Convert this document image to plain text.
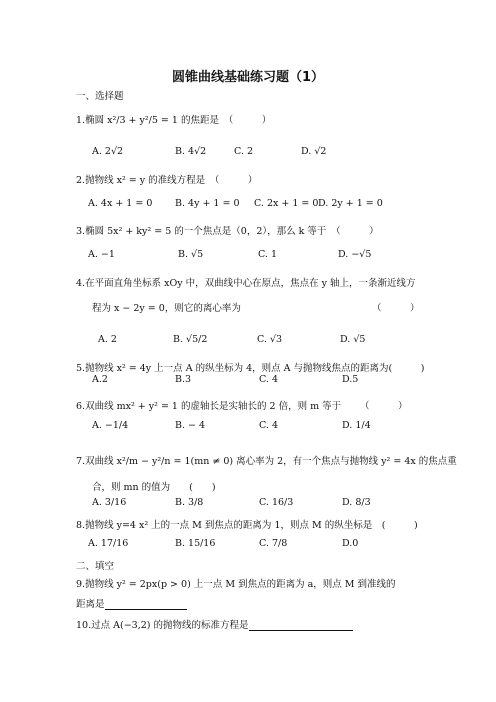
圆锥曲线基础练习题（1）
一、选择题
1.椭圆 x²/3 + y²/5 = 1 的焦距是　（　　　）
A. 2√2	B. 4√2	C. 2	D. √2
2.抛物线 x² = y 的准线方程是　（　　　）
A. 4x + 1 = 0 B. 4y + 1 = 0 C. 2x + 1 = 0 D. 2y + 1 = 0
3.椭圆 5x² + ky² = 5 的一个焦点是（0，2），那么 k 等于　（　　　）
A. −1	B. √5	C. 1	D. −√5
4.在平面直角坐标系 xOy 中，双曲线中心在原点，焦点在 y 轴上，一条渐近线方
程为 x − 2y = 0，则它的离心率为	（　　　）
A. 2	B. √5/2	C. √3	D. √5
5.抛物线 x² = 4y 上一点 A 的纵坐标为 4，则点 A 与抛物线焦点的距离为(　　　)
A.2	B.3	C. 4	D.5
6.双曲线 mx² + y² = 1 的虚轴长是实轴长的 2 倍，则 m 等于 （　　　）
A. −1/4	B. − 4	C. 4	D. 1/4
7.双曲线 x²/m − y²/n = 1(mn ≠ 0) 离心率为 2，有一个焦点与抛物线 y² = 4x 的焦点重
合，则 mn 的值为　　(　　)
A. 3/16	B. 3/8	C. 16/3	D. 8/3
8.抛物线 y=4 x² 上的一点 M 到焦点的距离为 1，则点 M 的纵坐标是　(　　　)
A. 17/16	B. 15/16	C. 7/8	D.0
二、填空
9.抛物线 y² = 2px(p > 0) 上一点 M 到焦点的距离为 a，则点 M 到准线的
距离是
10.过点 A(−3,2) 的抛物线的标准方程是
